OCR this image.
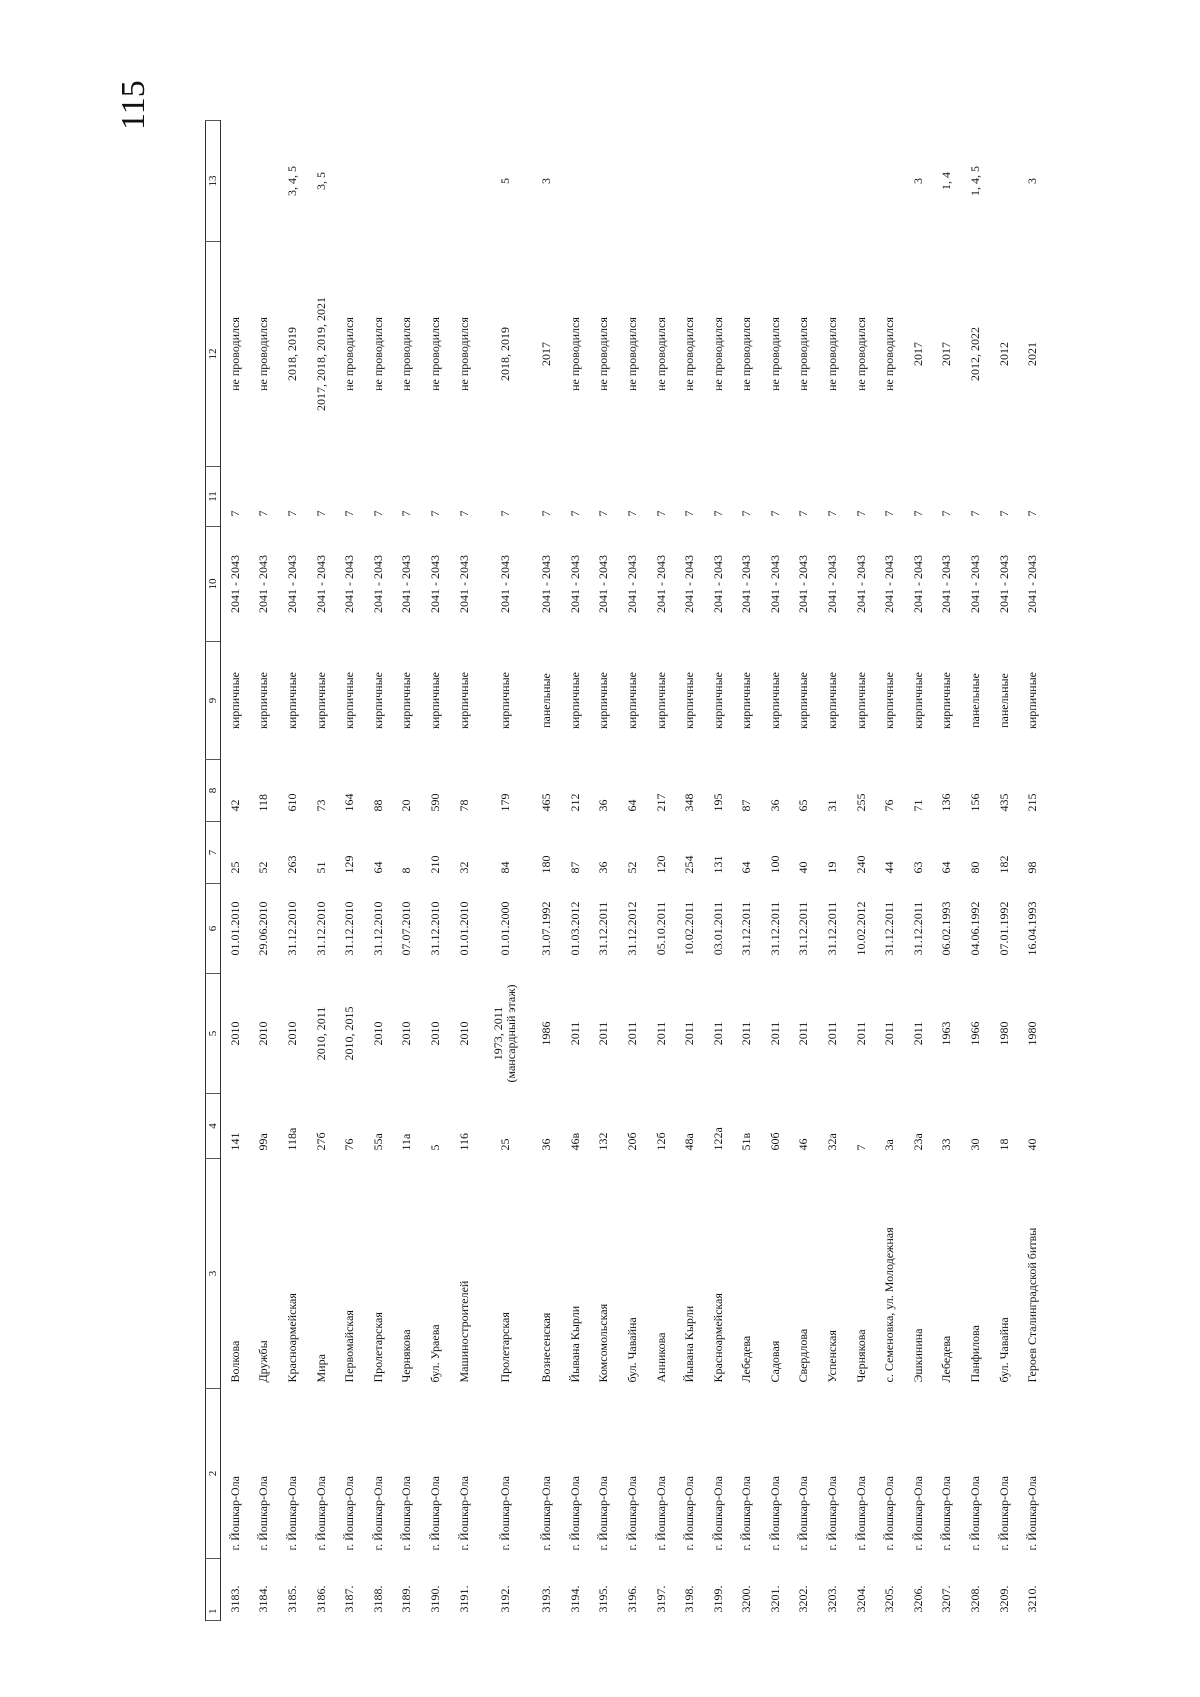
115
1	2	3	4	5	6	7	8	9	10	11	12	13
3183.	г. Йошкар-Ола	Волкова	141	2010	01.01.2010	25	42	кирпичные	2041 - 2043	7	не проводился	
3184.	г. Йошкар-Ола	Дружбы	99а	2010	29.06.2010	52	118	кирпичные	2041 - 2043	7	не проводился	
3185.	г. Йошкар-Ола	Красноармейская	118а	2010	31.12.2010	263	610	кирпичные	2041 - 2043	7	2018, 2019	3, 4, 5
3186.	г. Йошкар-Ола	Мира	27б	2010, 2011	31.12.2010	51	73	кирпичные	2041 - 2043	7	2017, 2018, 2019, 2021	3, 5
3187.	г. Йошкар-Ола	Первомайская	76	2010, 2015	31.12.2010	129	164	кирпичные	2041 - 2043	7	не проводился	
3188.	г. Йошкар-Ола	Пролетарская	55а	2010	31.12.2010	64	88	кирпичные	2041 - 2043	7	не проводился	
3189.	г. Йошкар-Ола	Чернякова	11а	2010	07.07.2010	8	20	кирпичные	2041 - 2043	7	не проводился	
3190.	г. Йошкар-Ола	бул. Ураева	5	2010	31.12.2010	210	590	кирпичные	2041 - 2043	7	не проводился	
3191.	г. Йошкар-Ола	Машиностроителей	116	2010	01.01.2010	32	78	кирпичные	2041 - 2043	7	не проводился	
3192.	г. Йошкар-Ола	Пролетарская	25	1973, 2011 (мансардный этаж)	01.01.2000	84	179	кирпичные	2041 - 2043	7	2018, 2019	5
3193.	г. Йошкар-Ола	Вознесенская	36	1986	31.07.1992	180	465	панельные	2041 - 2043	7	2017	3
3194.	г. Йошкар-Ола	Йывана Кырли	46в	2011	01.03.2012	87	212	кирпичные	2041 - 2043	7	не проводился	
3195.	г. Йошкар-Ола	Комсомольская	132	2011	31.12.2011	36	36	кирпичные	2041 - 2043	7	не проводился	
3196.	г. Йошкар-Ола	бул. Чавайна	20б	2011	31.12.2012	52	64	кирпичные	2041 - 2043	7	не проводился	
3197.	г. Йошкар-Ола	Анникова	12б	2011	05.10.2011	120	217	кирпичные	2041 - 2043	7	не проводился	
3198.	г. Йошкар-Ола	Йывана Кырли	48а	2011	10.02.2011	254	348	кирпичные	2041 - 2043	7	не проводился	
3199.	г. Йошкар-Ола	Красноармейская	122а	2011	03.01.2011	131	195	кирпичные	2041 - 2043	7	не проводился	
3200.	г. Йошкар-Ола	Лебедева	51в	2011	31.12.2011	64	87	кирпичные	2041 - 2043	7	не проводился	
3201.	г. Йошкар-Ола	Садовая	60б	2011	31.12.2011	100	36	кирпичные	2041 - 2043	7	не проводился	
3202.	г. Йошкар-Ола	Свердлова	46	2011	31.12.2011	40	65	кирпичные	2041 - 2043	7	не проводился	
3203.	г. Йошкар-Ола	Успенская	32а	2011	31.12.2011	19	31	кирпичные	2041 - 2043	7	не проводился	
3204.	г. Йошкар-Ола	Чернякова	7	2011	10.02.2012	240	255	кирпичные	2041 - 2043	7	не проводился	
3205.	г. Йошкар-Ола	с. Семеновка, ул. Молодежная	3а	2011	31.12.2011	44	76	кирпичные	2041 - 2043	7	не проводился	
3206.	г. Йошкар-Ола	Эшкинина	23а	2011	31.12.2011	63	71	кирпичные	2041 - 2043	7	2017	3
3207.	г. Йошкар-Ола	Лебедева	33	1963	06.02.1993	64	136	кирпичные	2041 - 2043	7	2017	1, 4
3208.	г. Йошкар-Ола	Панфилова	30	1966	04.06.1992	80	156	панельные	2041 - 2043	7	2012, 2022	1, 4, 5
3209.	г. Йошкар-Ола	бул. Чавайна	18	1980	07.01.1992	182	435	панельные	2041 - 2043	7	2012	
3210.	г. Йошкар-Ола	Героев Сталинградской битвы	40	1980	16.04.1993	98	215	кирпичные	2041 - 2043	7	2021	3
